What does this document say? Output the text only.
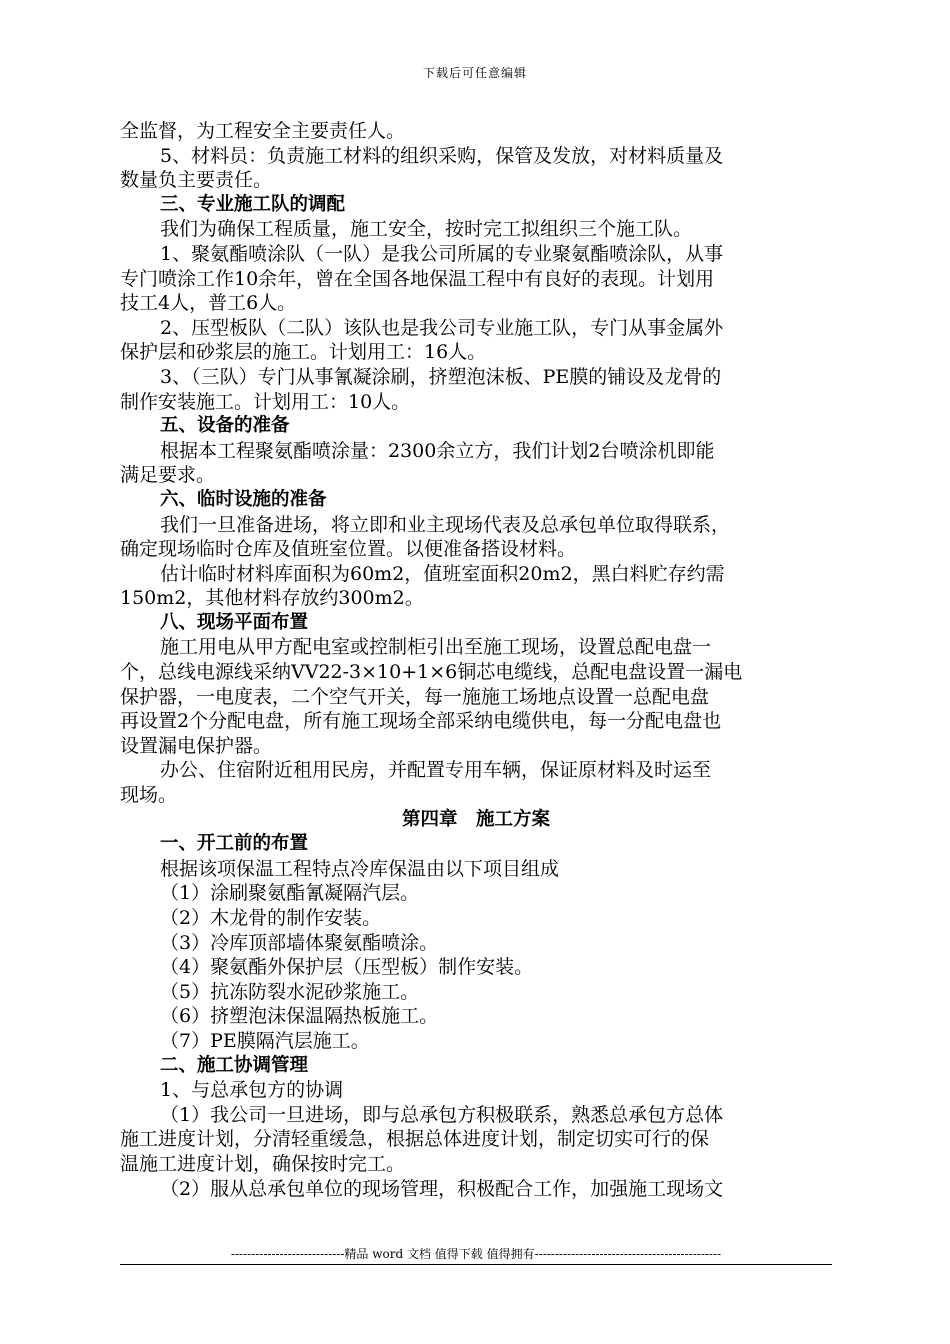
下载后可任意编辑

全监督，为工程安全主要责任人。

5、材料员：负责施工材料的组织采购，保管及发放，对材料质量及

数量负主要责任。

三、专业施工队的调配

我们为确保工程质量，施工安全，按时完工拟组织三个施工队。

1、聚氨酯喷涂队（一队）是我公司所属的专业聚氨酯喷涂队，从事

专门喷涂工作10余年，曾在全国各地保温工程中有良好的表现。计划用

技工4人，普工6人。

2、压型板队（二队）该队也是我公司专业施工队，专门从事金属外

保护层和砂浆层的施工。计划用工：16人。

3、（三队）专门从事氰凝涂刷，挤塑泡沫板、PE膜的铺设及龙骨的

制作安装施工。计划用工：10人。

五、设备的准备

根据本工程聚氨酯喷涂量：2300余立方，我们计划2台喷涂机即能

满足要求。

六、临时设施的准备

我们一旦准备进场，将立即和业主现场代表及总承包单位取得联系，

确定现场临时仓库及值班室位置。以便准备搭设材料。

估计临时材料库面积为60m2，值班室面积20m2，黑白料贮存约需

150m2，其他材料存放约300m2。

八、现场平面布置

施工用电从甲方配电室或控制柜引出至施工现场，设置总配电盘一

个，总线电源线采纳VV22-3×10+1×6铜芯电缆线，总配电盘设置一漏电

保护器，一电度表，二个空气开关，每一施施工场地点设置一总配电盘

再设置2个分配电盘，所有施工现场全部采纳电缆供电，每一分配电盘也

设置漏电保护器。

办公、住宿附近租用民房，并配置专用车辆，保证原材料及时运至

现场。

第四章　施工方案

一、开工前的布置

根据该项保温工程特点冷库保温由以下项目组成

（1）涂刷聚氨酯氰凝隔汽层。

（2）木龙骨的制作安装。

（3）冷库顶部墙体聚氨酯喷涂。

（4）聚氨酯外保护层（压型板）制作安装。

（5）抗冻防裂水泥砂浆施工。

（6）挤塑泡沫保温隔热板施工。

（7）PE膜隔汽层施工。

二、施工协调管理

1、与总承包方的协调

（1）我公司一旦进场，即与总承包方积极联系，熟悉总承包方总体

施工进度计划，分清轻重缓急，根据总体进度计划，制定切实可行的保

温施工进度计划，确保按时完工。

（2）服从总承包单位的现场管理，积极配合工作，加强施工现场文

----------------------------精品 word 文档 值得下载 值得拥有----------------------------------------------
